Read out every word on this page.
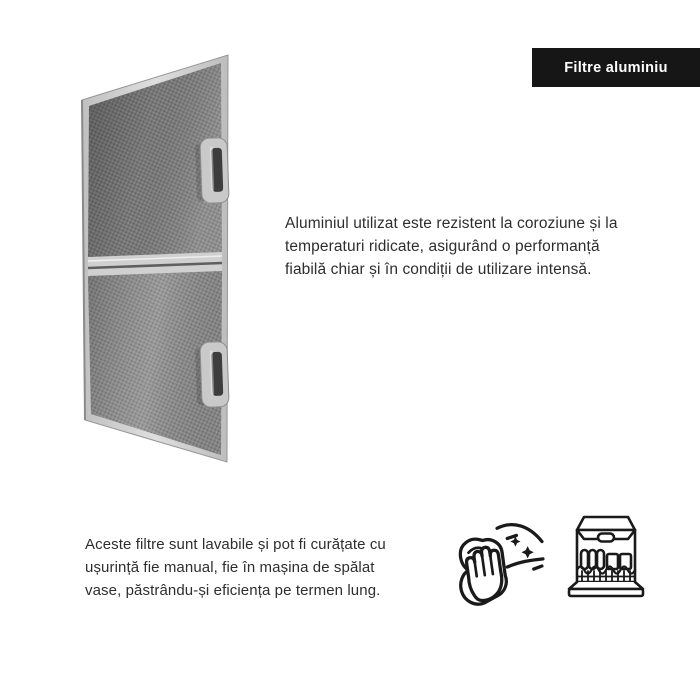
Filtre aluminiu
Aluminiul utilizat este rezistent la coroziune și la
temperaturi ridicate, asigurând o performanță
fiabilă chiar și în condiții de utilizare intensă.
Aceste filtre sunt lavabile și pot fi curățate cu
ușurință fie manual, fie în mașina de spălat
vase, păstrându-și eficiența pe termen lung.
